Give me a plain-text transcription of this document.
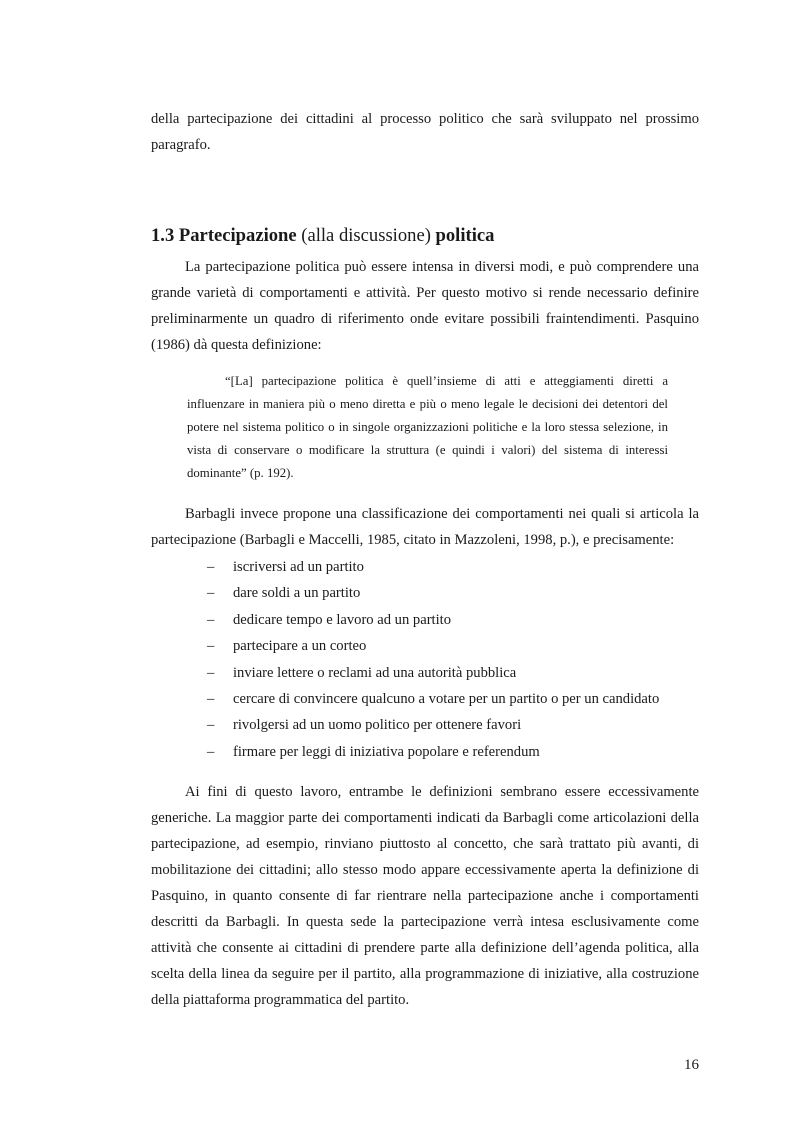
della partecipazione dei cittadini al processo politico che sarà sviluppato nel prossimo paragrafo.

1.3 Partecipazione (alla discussione) politica

La partecipazione politica può essere intensa in diversi modi, e può comprendere una grande varietà di comportamenti e attività. Per questo motivo si rende necessario definire preliminarmente un quadro di riferimento onde evitare possibili fraintendimenti. Pasquino (1986) dà questa definizione:

“[La] partecipazione politica è quell’insieme di atti e atteggiamenti diretti a influenzare in maniera più o meno diretta e più o meno legale le decisioni dei detentori del potere nel sistema politico o in singole organizzazioni politiche e la loro stessa selezione, in vista di conservare o modificare la struttura (e quindi i valori) del sistema di interessi dominante” (p. 192).

Barbagli invece propone una classificazione dei comportamenti nei quali si articola la partecipazione (Barbagli e Maccelli, 1985, citato in Mazzoleni, 1998, p.), e precisamente:

– iscriversi ad un partito
– dare soldi a un partito
– dedicare tempo e lavoro ad un partito
– partecipare a un corteo
– inviare lettere o reclami ad una autorità pubblica
– cercare di convincere qualcuno a votare per un partito o per un candidato
– rivolgersi ad un uomo politico per ottenere favori
– firmare per leggi di iniziativa popolare e referendum

Ai fini di questo lavoro, entrambe le definizioni sembrano essere eccessivamente generiche. La maggior parte dei comportamenti indicati da Barbagli come articolazioni della partecipazione, ad esempio, rinviano piuttosto al concetto, che sarà trattato più avanti, di mobilitazione dei cittadini; allo stesso modo appare eccessivamente aperta la definizione di Pasquino, in quanto consente di far rientrare nella partecipazione anche i comportamenti descritti da Barbagli. In questa sede la partecipazione verrà intesa esclusivamente come attività che consente ai cittadini di prendere parte alla definizione dell’agenda politica, alla scelta della linea da seguire per il partito, alla programmazione di iniziative, alla costruzione della piattaforma programmatica del partito.

16
